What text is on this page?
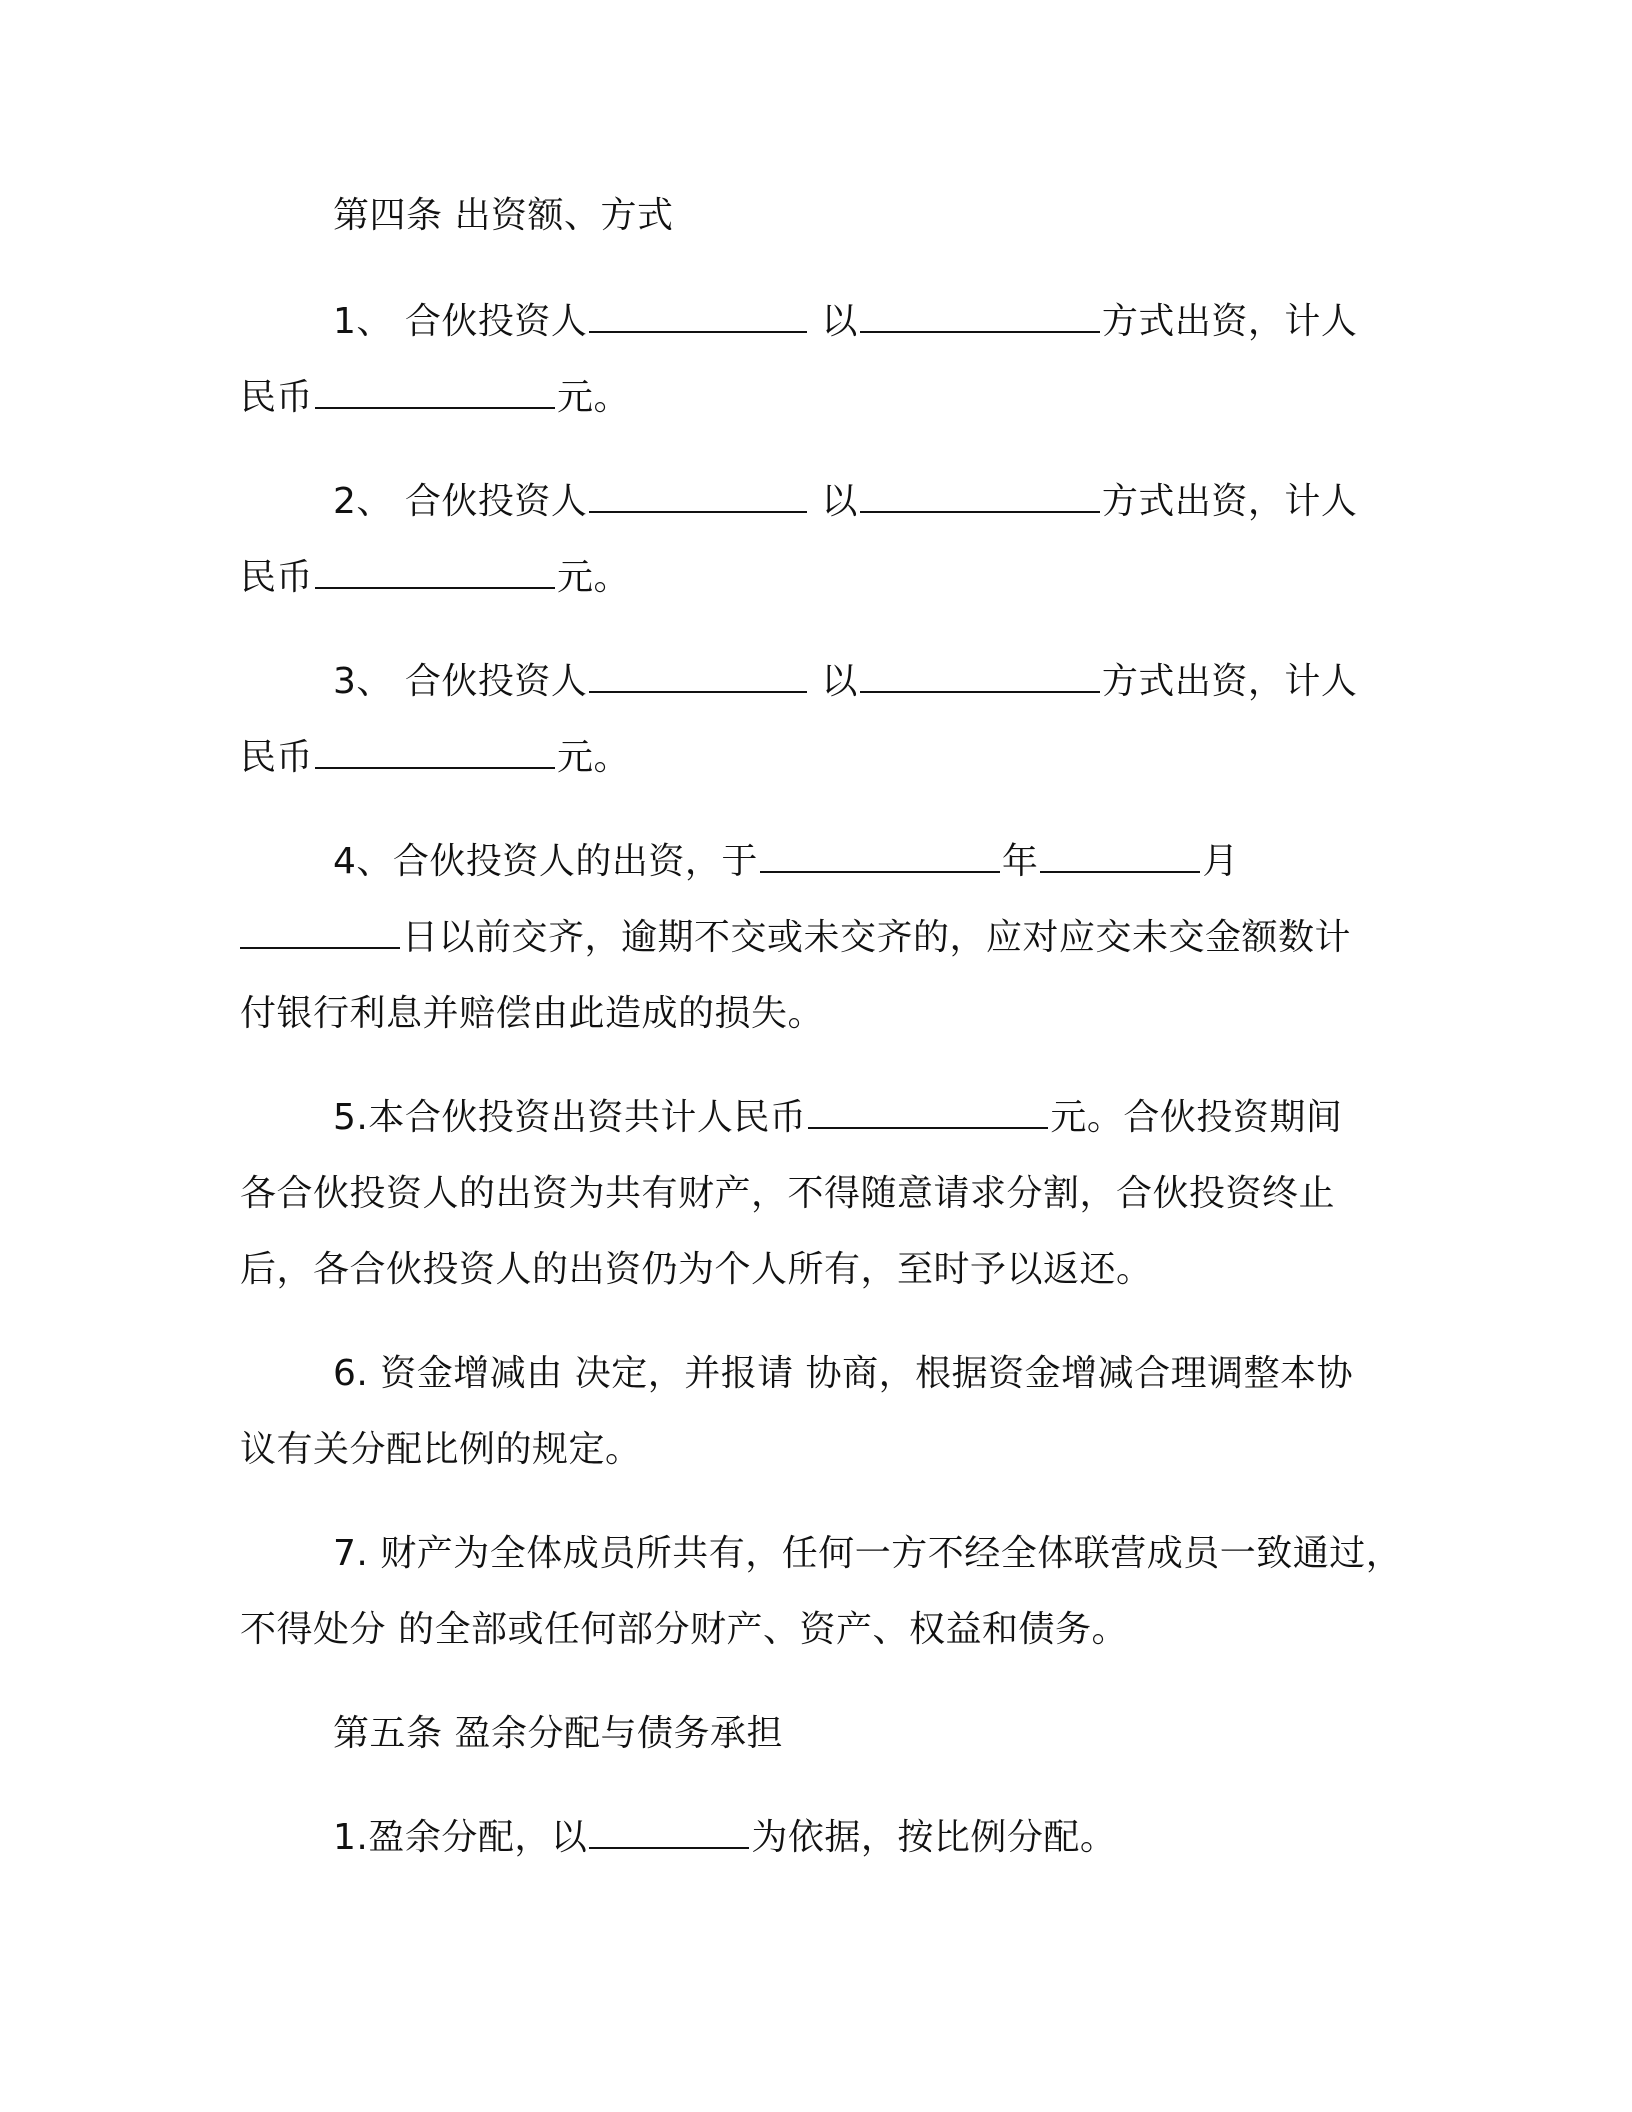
第四条 出资额、方式
1、 合伙投资人	以	方式出资，计人
民币	元。
2、 合伙投资人	以	方式出资，计人
民币	元。
3、 合伙投资人	以	方式出资，计人
民币	元。
4、合伙投资人的出资，于	年	月
日以前交齐，逾期不交或未交齐的，应对应交未交金额数计
付银行利息并赔偿由此造成的损失。
5.本合伙投资出资共计人民币	元。合伙投资期间
各合伙投资人的出资为共有财产，不得随意请求分割，合伙投资终止
后，各合伙投资人的出资仍为个人所有，至时予以返还。
6. 资金增减由 决定，并报请 协商，根据资金增减合理调整本协
议有关分配比例的规定。
7. 财产为全体成员所共有，任何一方不经全体联营成员一致通过，
不得处分 的全部或任何部分财产、资产、权益和债务。
第五条 盈余分配与债务承担
1.盈余分配，以	为依据，按比例分配。
